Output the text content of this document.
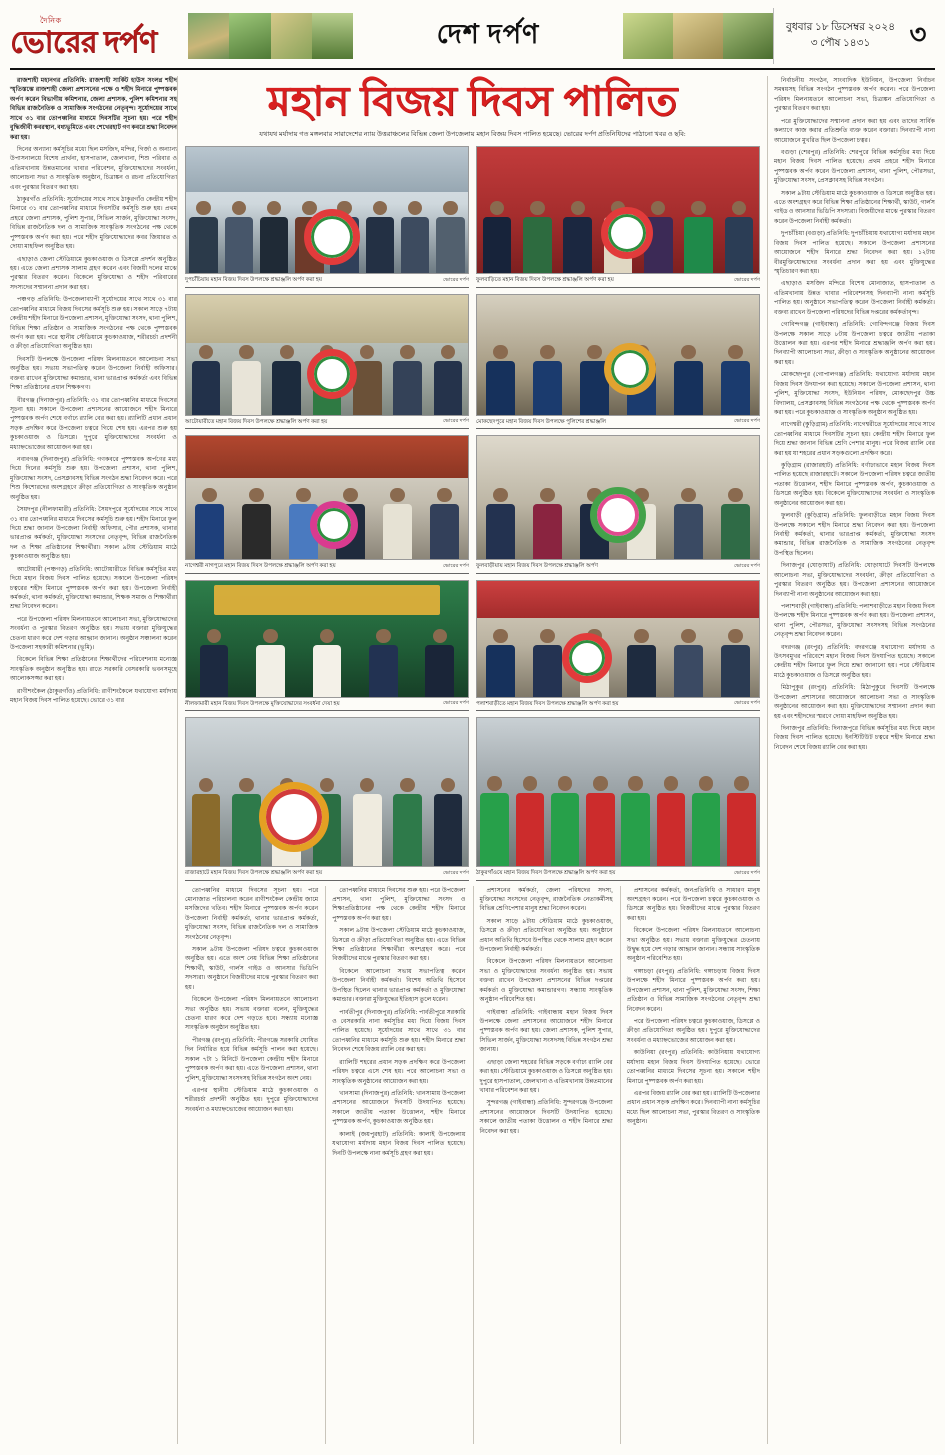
দৈনিক
ভোরের দর্পণ	দেশ দর্পণ	বুধবার ১৮ ডিসেম্বর ২০২৪
৩ পৌষ ১৪৩১	৩

রাজশাহী মহানগর প্রতিনিধি: রাজশাহী সার্কিট হাউস সংলগ্ন শহীদ স্মৃতিস্তম্ভে রাজশাহী জেলা প্রশাসনের পক্ষে ও শহীদ মিনারে পুষ্পস্তবক অর্পণ করেন বিভাগীয় কমিশনার, জেলা প্রশাসক, পুলিশ কমিশনার সহ বিভিন্ন রাজনৈতিক ও সামাজিক সংগঠনের নেতৃবৃন্দ। সূর্যোদয়ের সাথে সাথে ৩১ বার তোপধ্বনির মাধ্যমে দিবসটির সূচনা হয়। পরে শহীদ বুদ্ধিজীবী কবরস্থান, বধ্যভূমিতে এবং শেখেরহাট গণ কবরে শ্রদ্ধা নিবেদন করা হয়।

দিনের অন্যান্য কর্মসূচির মধ্যে ছিল মসজিদ, মন্দির, গির্জা ও অন্যান্য উপাসনালয়ে বিশেষ প্রার্থনা, হাসপাতাল, জেলখানা, শিশু পরিবার ও এতিমখানায় উন্নতমানের খাবার পরিবেশন, মুক্তিযোদ্ধাদের সংবর্ধনা, আলোচনা সভা ও সাংস্কৃতিক অনুষ্ঠান, চিত্রাঙ্কন ও রচনা প্রতিযোগিতা এবং পুরস্কার বিতরণ করা হয়।

ঠাকুরগাঁও প্রতিনিধি: সূর্যোদয়ের সাথে সাথে ঠাকুরগাঁও কেন্দ্রীয় শহীদ মিনারে ৩১ বার তোপধ্বনির মাধ্যমে দিবসটির কর্মসূচি শুরু হয়। প্রথম প্রহরে জেলা প্রশাসক, পুলিশ সুপার, সিভিল সার্জন, মুক্তিযোদ্ধা সংসদ, বিভিন্ন রাজনৈতিক দল ও সামাজিক সাংস্কৃতিক সংগঠনের পক্ষ থেকে পুষ্পস্তবক অর্পণ করা হয়। পরে শহীদ মুক্তিযোদ্ধাদের কবর জিয়ারত ও দোয়া মাহফিল অনুষ্ঠিত হয়।

এছাড়াও জেলা স্টেডিয়ামে কুচকাওয়াজ ও ডিসপ্লে প্রদর্শন অনুষ্ঠিত হয়। এতে জেলা প্রশাসক সালাম গ্রহণ করেন এবং বিজয়ী দলের মাঝে পুরস্কার বিতরণ করেন। বিকেলে মুক্তিযোদ্ধা ও শহীদ পরিবারের সদস্যদের সম্মাননা প্রদান করা হয়।

পঞ্চগড় প্রতিনিধি: উপজেলাব্যাপী সূর্যোদয়ের সাথে সাথে ৩১ বার তোপধ্বনির মাধ্যমে বিজয় দিবসের কর্মসূচি শুরু হয়। সকাল সাড়ে ৭টায় কেন্দ্রীয় শহীদ মিনারে উপজেলা প্রশাসন, মুক্তিযোদ্ধা সংসদ, থানা পুলিশ, বিভিন্ন শিক্ষা প্রতিষ্ঠান ও সামাজিক সংগঠনের পক্ষ থেকে পুষ্পস্তবক অর্পণ করা হয়। পরে স্থানীয় স্টেডিয়ামে কুচকাওয়াজ, শরীরচর্চা প্রদর্শনী ও ক্রীড়া প্রতিযোগিতা অনুষ্ঠিত হয়।

দিবসটি উপলক্ষে উপজেলা পরিষদ মিলনায়তনে আলোচনা সভা অনুষ্ঠিত হয়। সভায় সভাপতিত্ব করেন উপজেলা নির্বাহী অফিসার। বক্তব্য রাখেন মুক্তিযোদ্ধা কমান্ডার, থানা ভারপ্রাপ্ত কর্মকর্তা এবং বিভিন্ন শিক্ষা প্রতিষ্ঠানের প্রধান শিক্ষকগণ।

বীরগঞ্জ (দিনাজপুর) প্রতিনিধি: ৩১ বার তোপধ্বনির মাধ্যমে দিবসের সূচনা হয়। সকালে উপজেলা প্রশাসনের আয়োজনে শহীদ মিনারে পুষ্পস্তবক অর্পণ শেষে বর্ণাঢ্য র‍্যালি বের করা হয়। র‍্যালিটি প্রধান প্রধান সড়ক প্রদক্ষিণ করে উপজেলা চত্বরে গিয়ে শেষ হয়। এরপর শুরু হয় কুচকাওয়াজ ও ডিসপ্লে। দুপুরে মুক্তিযোদ্ধাদের সংবর্ধনা ও মধ্যাহ্নভোজের আয়োজন করা হয়।

নবাবগঞ্জ (দিনাজপুর) প্রতিনিধি: গণকবরে পুষ্পস্তবক অর্পণের মধ্য দিয়ে দিনের কর্মসূচি শুরু হয়। উপজেলা প্রশাসন, থানা পুলিশ, মুক্তিযোদ্ধা সংসদ, প্রেসক্লাবসহ বিভিন্ন সংগঠন শ্রদ্ধা নিবেদন করে। পরে শিশু কিশোরদের অংশগ্রহণে ক্রীড়া প্রতিযোগিতা ও সাংস্কৃতিক অনুষ্ঠান অনুষ্ঠিত হয়।

সৈয়দপুর (নীলফামারী) প্রতিনিধি: সৈয়দপুরে সূর্যোদয়ের সাথে সাথে ৩১ বার তোপধ্বনির মাধ্যমে দিবসের কর্মসূচি শুরু হয়। শহীদ মিনারে ফুল দিয়ে শ্রদ্ধা জানান উপজেলা নির্বাহী অফিসার, পৌর প্রশাসক, থানার ভারপ্রাপ্ত কর্মকর্তা, মুক্তিযোদ্ধা সংসদের নেতৃবৃন্দ, বিভিন্ন রাজনৈতিক দল ও শিক্ষা প্রতিষ্ঠানের শিক্ষার্থীরা। সকাল ৯টায় স্টেডিয়াম মাঠে কুচকাওয়াজ অনুষ্ঠিত হয়।

আটোয়ারী (পঞ্চগড়) প্রতিনিধি: আটোয়ারীতে বিভিন্ন কর্মসূচির মধ্য দিয়ে মহান বিজয় দিবস পালিত হয়েছে। সকালে উপজেলা পরিষদ চত্বরের শহীদ মিনারে পুষ্পস্তবক অর্পণ করা হয়। উপজেলা নির্বাহী কর্মকর্তা, থানা কর্মকর্তা, মুক্তিযোদ্ধা কমান্ডার, শিক্ষক সমাজ ও শিক্ষার্থীরা শ্রদ্ধা নিবেদন করেন।

পরে উপজেলা পরিষদ মিলনায়তনে আলোচনা সভা, মুক্তিযোদ্ধাদের সংবর্ধনা ও পুরস্কার বিতরণ অনুষ্ঠিত হয়। সভায় বক্তারা মুক্তিযুদ্ধের চেতনা ধারণ করে দেশ গড়ার আহ্বান জানান। অনুষ্ঠান সঞ্চালনা করেন উপজেলা সহকারী কমিশনার (ভূমি)।

বিকেলে বিভিন্ন শিক্ষা প্রতিষ্ঠানের শিক্ষার্থীদের পরিবেশনায় মনোজ্ঞ সাংস্কৃতিক অনুষ্ঠান অনুষ্ঠিত হয়। রাতে সরকারি বেসরকারি ভবনসমূহে আলোকসজ্জা করা হয়।

রাণীশংকৈল (ঠাকুরগাঁও) প্রতিনিধি: রাণীশংকৈলে যথাযোগ্য মর্যাদায় মহান বিজয় দিবস পালিত হয়েছে। ভোরে ৩১ বার

মহান বিজয় দিবস পালিত
যথাযথ মর্যাদায় গত মঙ্গলবার সারাদেশের ন্যায় উত্তরাঞ্চলের বিভিন্ন জেলা উপজেলায় মহান বিজয় দিবস পালিত হয়েছে। ভোরের দর্পণ প্রতিনিধিদের পাঠানো খবর ও ছবি:
দুপচাঁচিয়ায় মহান বিজয় দিবস উপলক্ষে শ্রদ্ধাঞ্জলি অর্পণ করা হয়	ভোরের দর্পণ ফুলবাড়িতে মহান বিজয় দিবস উপলক্ষে শ্রদ্ধাঞ্জলি অর্পণ করা হয়	ভোরের দর্পণ
আটোয়ারীতে মহান বিজয় দিবস উপলক্ষে শ্রদ্ধাঞ্জলি অর্পণ করা হয়	ভোরের দর্পণ মোকছেদপুরে মহান বিজয় দিবস উপলক্ষে পুলিশের শ্রদ্ধাঞ্জলি	ভোরের দর্পণ
নাগেশ্বরী নাগপুরে মহান বিজয় দিবস উপলক্ষে শ্রদ্ধাঞ্জলি অর্পণ করা হয়	ভোরের দর্পণ ফুলবাড়ীয়ায় মহান বিজয় দিবস উপলক্ষে শ্রদ্ধাঞ্জলি অর্পণ	ভোরের দর্পণ
নীলফামারী মহান বিজয় দিবস উপলক্ষে মুক্তিযোদ্ধাদের সংবর্ধনা দেয়া হয়	ভোরের দর্পণ পলাশবাড়ীতে মহান বিজয় দিবস উপলক্ষে শ্রদ্ধাঞ্জলি অর্পণ করা হয়	ভোরের দর্পণ
রাজারহাটে মহান বিজয় দিবস উপলক্ষে শ্রদ্ধাঞ্জলি অর্পণ করা হয়	ভোরের দর্পণ ঠাকুরগাঁওয়ে মহান বিজয় দিবস উপলক্ষে শ্রদ্ধাঞ্জলি অর্পণ করা হয়	ভোরের দর্পণ

তোপধ্বনির মাধ্যমে দিবসের সূচনা হয়। পরে মোনাজাত পরিচালনা করেন রাণীশংকৈল কেন্দ্রীয় জামে মসজিদের খতিব। শহীদ মিনারে পুষ্পস্তবক অর্পণ করেন উপজেলা নির্বাহী কর্মকর্তা, থানার ভারপ্রাপ্ত কর্মকর্তা, মুক্তিযোদ্ধা সংসদ, বিভিন্ন রাজনৈতিক দল ও সামাজিক সংগঠনের নেতৃবৃন্দ।

সকাল ৯টায় উপজেলা পরিষদ চত্বরে কুচকাওয়াজ অনুষ্ঠিত হয়। এতে অংশ নেয় বিভিন্ন শিক্ষা প্রতিষ্ঠানের শিক্ষার্থী, স্কাউট, গার্লস গাইড ও আনসার ভিডিপি সদস্যরা। অনুষ্ঠানে বিজয়ীদের মাঝে পুরস্কার বিতরণ করা হয়।

বিকেলে উপজেলা পরিষদ মিলনায়তনে আলোচনা সভা অনুষ্ঠিত হয়। সভায় বক্তারা বলেন, মুক্তিযুদ্ধের চেতনা ধারণ করে দেশ গড়তে হবে। সন্ধ্যায় মনোজ্ঞ সাংস্কৃতিক অনুষ্ঠান অনুষ্ঠিত হয়।

পীরগঞ্জ (রংপুর) প্রতিনিধি: পীরগঞ্জে সরকারি ঘোষিত দিন নির্ধারিত হয়ে বিভিন্ন কর্মসূচি পালন করা হয়েছে। সকাল ৭টা ১ মিনিটে উপজেলা কেন্দ্রীয় শহীদ মিনারে পুষ্পস্তবক অর্পণ করা হয়। এতে উপজেলা প্রশাসন, থানা পুলিশ, মুক্তিযোদ্ধা সংসদসহ বিভিন্ন সংগঠন অংশ নেয়।

এরপর স্থানীয় স্টেডিয়াম মাঠে কুচকাওয়াজ ও শরীরচর্চা প্রদর্শনী অনুষ্ঠিত হয়। দুপুরে মুক্তিযোদ্ধাদের সংবর্ধনা ও মধ্যাহ্নভোজের আয়োজন করা হয়।

তোপধ্বনির মাধ্যমে দিবসের শুরু হয়। পরে উপজেলা প্রশাসন, থানা পুলিশ, মুক্তিযোদ্ধা সংসদ ও শিক্ষাপ্রতিষ্ঠানের পক্ষ থেকে কেন্দ্রীয় শহীদ মিনারে পুষ্পস্তবক অর্পণ করা হয়।

সকাল ৯টায় উপজেলা স্টেডিয়াম মাঠে কুচকাওয়াজ, ডিসপ্লে ও ক্রীড়া প্রতিযোগিতা অনুষ্ঠিত হয়। এতে বিভিন্ন শিক্ষা প্রতিষ্ঠানের শিক্ষার্থীরা অংশগ্রহণ করে। পরে বিজয়ীদের মাঝে পুরস্কার বিতরণ করা হয়।

বিকেলে আলোচনা সভায় সভাপতিত্ব করেন উপজেলা নির্বাহী কর্মকর্তা। বিশেষ অতিথি হিসেবে উপস্থিত ছিলেন থানার ভারপ্রাপ্ত কর্মকর্তা ও মুক্তিযোদ্ধা কমান্ডার। বক্তারা মুক্তিযুদ্ধের ইতিহাস তুলে ধরেন।

পার্বতীপুর (দিনাজপুর) প্রতিনিধি: পার্বতীপুরে সরকারি ও বেসরকারি নানা কর্মসূচির মধ্য দিয়ে বিজয় দিবস পালিত হয়েছে। সূর্যোদয়ের সাথে সাথে ৩১ বার তোপধ্বনির মাধ্যমে কর্মসূচি শুরু হয়। শহীদ মিনারে শ্রদ্ধা নিবেদন শেষে বিজয় র‍্যালি বের করা হয়।

র‍্যালিটি শহরের প্রধান সড়ক প্রদক্ষিণ করে উপজেলা পরিষদ চত্বরে এসে শেষ হয়। পরে আলোচনা সভা ও সাংস্কৃতিক অনুষ্ঠানের আয়োজন করা হয়।

খানসামা (দিনাজপুর) প্রতিনিধি: খানসামায় উপজেলা প্রশাসনের আয়োজনে দিবসটি উদযাপিত হয়েছে। সকালে জাতীয় পতাকা উত্তোলন, শহীদ মিনারে পুষ্পস্তবক অর্পণ, কুচকাওয়াজ অনুষ্ঠিত হয়।

কালাই (জয়পুরহাট) প্রতিনিধি: কালাই উপজেলায় যথাযোগ্য মর্যাদায় মহান বিজয় দিবস পালিত হয়েছে। দিনটি উপলক্ষে নানা কর্মসূচি গ্রহণ করা হয়।

প্রশাসনের কর্মকর্তা, জেলা পরিষদের সদস্য, মুক্তিযোদ্ধা সংসদের নেতৃবৃন্দ, রাজনৈতিক নেতাকর্মীসহ বিভিন্ন শ্রেণিপেশার মানুষ শ্রদ্ধা নিবেদন করেন।

সকাল সাড়ে ৯টায় স্টেডিয়াম মাঠে কুচকাওয়াজ, ডিসপ্লে ও ক্রীড়া প্রতিযোগিতা অনুষ্ঠিত হয়। অনুষ্ঠানে প্রধান অতিথি হিসেবে উপস্থিত থেকে সালাম গ্রহণ করেন উপজেলা নির্বাহী কর্মকর্তা।

বিকেলে উপজেলা পরিষদ মিলনায়তনে আলোচনা সভা ও মুক্তিযোদ্ধাদের সংবর্ধনা অনুষ্ঠিত হয়। সভায় বক্তব্য রাখেন উপজেলা প্রশাসনের বিভিন্ন দপ্তরের কর্মকর্তা ও মুক্তিযোদ্ধা কমান্ডারগণ। সন্ধ্যায় সাংস্কৃতিক অনুষ্ঠান পরিবেশিত হয়।

গাইবান্ধা প্রতিনিধি: গাইবান্ধায় মহান বিজয় দিবস উপলক্ষে জেলা প্রশাসনের আয়োজনে শহীদ মিনারে পুষ্পস্তবক অর্পণ করা হয়। জেলা প্রশাসক, পুলিশ সুপার, সিভিল সার্জন, মুক্তিযোদ্ধা সংসদসহ বিভিন্ন সংগঠন শ্রদ্ধা জানায়।

এছাড়া জেলা শহরের বিভিন্ন সড়কে বর্ণাঢ্য র‍্যালি বের করা হয়। স্টেডিয়ামে কুচকাওয়াজ ও ডিসপ্লে অনুষ্ঠিত হয়। দুপুরে হাসপাতাল, জেলখানা ও এতিমখানায় উন্নতমানের খাবার পরিবেশন করা হয়।

সুন্দরগঞ্জ (গাইবান্ধা) প্রতিনিধি: সুন্দরগঞ্জে উপজেলা প্রশাসনের আয়োজনে দিবসটি উদযাপিত হয়েছে। সকালে জাতীয় পতাকা উত্তোলন ও শহীদ মিনারে শ্রদ্ধা নিবেদন করা হয়।

প্রশাসনের কর্মকর্তা, জনপ্রতিনিধি ও সাধারণ মানুষ অংশগ্রহণ করেন। পরে উপজেলা চত্বরে কুচকাওয়াজ ও ডিসপ্লে অনুষ্ঠিত হয়। বিজয়ীদের মাঝে পুরস্কার বিতরণ করা হয়।

বিকেলে উপজেলা পরিষদ মিলনায়তনে আলোচনা সভা অনুষ্ঠিত হয়। সভায় বক্তারা মুক্তিযুদ্ধের চেতনায় উদ্বুদ্ধ হয়ে দেশ গড়ার আহ্বান জানান। সন্ধ্যায় সাংস্কৃতিক অনুষ্ঠান পরিবেশিত হয়।

গঙ্গাচড়া (রংপুর) প্রতিনিধি: গঙ্গাচড়ায় বিজয় দিবস উপলক্ষে শহীদ মিনারে পুষ্পস্তবক অর্পণ করা হয়। উপজেলা প্রশাসন, থানা পুলিশ, মুক্তিযোদ্ধা সংসদ, শিক্ষা প্রতিষ্ঠান ও বিভিন্ন সামাজিক সংগঠনের নেতৃবৃন্দ শ্রদ্ধা নিবেদন করেন।

পরে উপজেলা পরিষদ চত্বরে কুচকাওয়াজ, ডিসপ্লে ও ক্রীড়া প্রতিযোগিতা অনুষ্ঠিত হয়। দুপুরে মুক্তিযোদ্ধাদের সংবর্ধনা ও মধ্যাহ্নভোজের আয়োজন করা হয়।

কাউনিয়া (রংপুর) প্রতিনিধি: কাউনিয়ায় যথাযোগ্য মর্যাদায় মহান বিজয় দিবস উদযাপিত হয়েছে। ভোরে তোপধ্বনির মাধ্যমে দিবসের সূচনা হয়। সকালে শহীদ মিনারে পুষ্পস্তবক অর্পণ করা হয়।

এরপর বিজয় র‍্যালি বের করা হয়। র‍্যালিটি উপজেলার প্রধান প্রধান সড়ক প্রদক্ষিণ করে। দিনব্যাপী নানা কর্মসূচির মধ্যে ছিল আলোচনা সভা, পুরস্কার বিতরণ ও সাংস্কৃতিক অনুষ্ঠান।

নির্বাচনীয় সংগঠন, সাংবাদিক ইউনিয়ন, উপজেলা নির্বাচন সমন্বয়সহ বিভিন্ন সংগঠন পুষ্পস্তবক অর্পণ করেন। পরে উপজেলা পরিষদ মিলনায়তনে আলোচনা সভা, চিত্রাঙ্কন প্রতিযোগিতা ও পুরস্কার বিতরণ করা হয়।

পরে মুক্তিযোদ্ধাদের সম্মাননা প্রদান করা হয় এবং তাদের সার্বিক কল্যাণে কাজ করার প্রতিশ্রুতি ব্যক্ত করেন বক্তারা। দিনব্যাপী নানা আয়োজনে মুখরিত ছিল উপজেলা চত্বর।

বগুড়া (শেরপুর) প্রতিনিধি: শেরপুরে বিভিন্ন কর্মসূচির মধ্য দিয়ে মহান বিজয় দিবস পালিত হয়েছে। প্রথম প্রহরে শহীদ মিনারে পুষ্পস্তবক অর্পণ করেন উপজেলা প্রশাসন, থানা পুলিশ, পৌরসভা, মুক্তিযোদ্ধা সংসদ, প্রেসক্লাবসহ বিভিন্ন সংগঠন।

সকাল ৯টায় স্টেডিয়াম মাঠে কুচকাওয়াজ ও ডিসপ্লে অনুষ্ঠিত হয়। এতে অংশগ্রহণ করে বিভিন্ন শিক্ষা প্রতিষ্ঠানের শিক্ষার্থী, স্কাউট, গার্লস গাইড ও আনসার ভিডিপি সদস্যরা। বিজয়ীদের মাঝে পুরস্কার বিতরণ করেন উপজেলা নির্বাহী কর্মকর্তা।

দুপচাঁচিয়া (বগুড়া) প্রতিনিধি: দুপচাঁচিয়ায় যথাযোগ্য মর্যাদায় মহান বিজয় দিবস পালিত হয়েছে। সকালে উপজেলা প্রশাসনের আয়োজনে শহীদ মিনারে শ্রদ্ধা নিবেদন করা হয়। ১২টায় বীরমুক্তিযোদ্ধাদের সংবর্ধনা প্রদান করা হয় এবং মুক্তিযুদ্ধের স্মৃতিচারণ করা হয়।

এছাড়াও মসজিদ মন্দিরে বিশেষ মোনাজাত, হাসপাতাল ও এতিমখানায় উন্নত খাবার পরিবেশনসহ দিনব্যাপী নানা কর্মসূচি পালিত হয়। অনুষ্ঠানে সভাপতিত্ব করেন উপজেলা নির্বাহী কর্মকর্তা। বক্তব্য রাখেন উপজেলা পরিষদের বিভিন্ন দপ্তরের কর্মকর্তাবৃন্দ।

গোবিন্দগঞ্জ (গাইবান্ধা) প্রতিনিধি: গোবিন্দগঞ্জে বিজয় দিবস উপলক্ষে সকাল সাড়ে ৮টায় উপজেলা চত্বরে জাতীয় পতাকা উত্তোলন করা হয়। এরপর শহীদ মিনারে শ্রদ্ধাঞ্জলি অর্পণ করা হয়। দিনব্যাপী আলোচনা সভা, ক্রীড়া ও সাংস্কৃতিক অনুষ্ঠানের আয়োজন করা হয়।

মোকছেদপুর (গোপালগঞ্জ) প্রতিনিধি: যথাযোগ্য মর্যাদায় মহান বিজয় দিবস উদযাপন করা হয়েছে। সকালে উপজেলা প্রশাসন, থানা পুলিশ, মুক্তিযোদ্ধা সংসদ, ইউনিয়ন পরিষদ, মোকছেদপুর উচ্চ বিদ্যালয়, প্রেসক্লাবসহ বিভিন্ন সংগঠনের পক্ষ থেকে পুষ্পস্তবক অর্পণ করা হয়। পরে কুচকাওয়াজ ও সাংস্কৃতিক অনুষ্ঠান অনুষ্ঠিত হয়।

নাগেশ্বরী (কুড়িগ্রাম) প্রতিনিধি: নাগেশ্বরীতে সূর্যোদয়ের সাথে সাথে তোপধ্বনির মাধ্যমে দিবসটির সূচনা হয়। কেন্দ্রীয় শহীদ মিনারে ফুল দিয়ে শ্রদ্ধা জানান বিভিন্ন শ্রেণি পেশার মানুষ। পরে বিজয় র‍্যালি বের করা হয় যা শহরের প্রধান সড়কগুলো প্রদক্ষিণ করে।

কুড়িগ্রাম (রাজারহাট) প্রতিনিধি: বর্ণাঢ্যভাবে মহান বিজয় দিবস পালিত হয়েছে রাজারহাটে। সকালে উপজেলা পরিষদ চত্বরে জাতীয় পতাকা উত্তোলন, শহীদ মিনারে পুষ্পস্তবক অর্পণ, কুচকাওয়াজ ও ডিসপ্লে অনুষ্ঠিত হয়। বিকেলে মুক্তিযোদ্ধাদের সংবর্ধনা ও সাংস্কৃতিক অনুষ্ঠানের আয়োজন করা হয়।

ফুলবাড়ী (কুড়িগ্রাম) প্রতিনিধি: ফুলবাড়ীতে মহান বিজয় দিবস উপলক্ষে সকালে শহীদ মিনারে শ্রদ্ধা নিবেদন করা হয়। উপজেলা নির্বাহী কর্মকর্তা, থানার ভারপ্রাপ্ত কর্মকর্তা, মুক্তিযোদ্ধা সংসদ কমান্ডার, বিভিন্ন রাজনৈতিক ও সামাজিক সংগঠনের নেতৃবৃন্দ উপস্থিত ছিলেন।

দিনাজপুর (ঘোড়াঘাট) প্রতিনিধি: ঘোড়াঘাটে দিবসটি উপলক্ষে আলোচনা সভা, মুক্তিযোদ্ধাদের সংবর্ধনা, ক্রীড়া প্রতিযোগিতা ও পুরস্কার বিতরণ অনুষ্ঠিত হয়। উপজেলা প্রশাসনের আয়োজনে দিনব্যাপী নানা অনুষ্ঠানের আয়োজন করা হয়।

পলাশবাড়ী (গাইবান্ধা) প্রতিনিধি: পলাশবাড়ীতে মহান বিজয় দিবস উপলক্ষে শহীদ মিনারে পুষ্পস্তবক অর্পণ করা হয়। উপজেলা প্রশাসন, থানা পুলিশ, পৌরসভা, মুক্তিযোদ্ধা সংসদসহ বিভিন্ন সংগঠনের নেতৃবৃন্দ শ্রদ্ধা নিবেদন করেন।

বদরগঞ্জ (রংপুর) প্রতিনিধি: বদরগঞ্জে যথাযোগ্য মর্যাদায় ও উৎসবমুখর পরিবেশে মহান বিজয় দিবস উদযাপিত হয়েছে। সকালে কেন্দ্রীয় শহীদ মিনারে ফুল দিয়ে শ্রদ্ধা জানানো হয়। পরে স্টেডিয়াম মাঠে কুচকাওয়াজ ও ডিসপ্লে অনুষ্ঠিত হয়।

মিঠাপুকুর (রংপুর) প্রতিনিধি: মিঠাপুকুরে দিবসটি উপলক্ষে উপজেলা প্রশাসনের আয়োজনে আলোচনা সভা ও সাংস্কৃতিক অনুষ্ঠানের আয়োজন করা হয়। মুক্তিযোদ্ধাদের সম্মাননা প্রদান করা হয় এবং শহীদদের স্মরণে দোয়া মাহফিল অনুষ্ঠিত হয়।

দিনাজপুর প্রতিনিধি: দিনাজপুরে বিভিন্ন কর্মসূচির মধ্য দিয়ে মহান বিজয় দিবস পালিত হয়েছে। ইনস্টিটিউট চত্বরে শহীদ মিনারে শ্রদ্ধা নিবেদন শেষে বিজয় র‍্যালি বের করা হয়।
